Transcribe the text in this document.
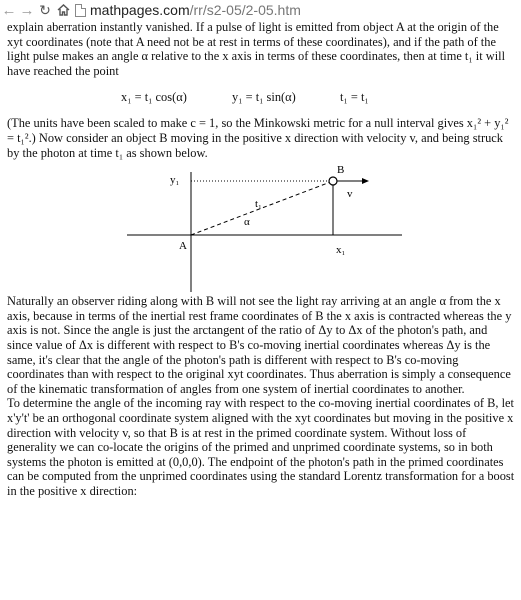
← → ↻	mathpages.com/rr/s2-05/2-05.htm

explain aberration instantly vanished. If a pulse of light is emitted from object A at the origin of the xyt coordinates (note that A need not be at rest in terms of these coordinates), and if the path of the light pulse makes an angle α relative to the x axis in terms of these coordinates, then at time t₁ it will have reached the point

x₁ = t₁ cos(α)	y₁ = t₁ sin(α)	t₁ = t₁

(The units have been scaled to make c = 1, so the Minkowski metric for a null interval gives x₁² + y₁² = t₁².) Now consider an object B moving in the positive x direction with velocity v, and being struck by the photon at time t₁ as shown below.

y₁
B
v
t₁
α
A	x₁

Naturally an observer riding along with B will not see the light ray arriving at an angle α from the x axis, because in terms of the inertial rest frame coordinates of B the x axis is contracted whereas the y axis is not. Since the angle is just the arctangent of the ratio of Δy to Δx of the photon's path, and since value of Δx is different with respect to B's co-moving inertial coordinates whereas Δy is the same, it's clear that the angle of the photon's path is different with respect to B's co-moving coordinates than with respect to the original xyt coordinates. Thus aberration is simply a consequence of the kinematic transformation of angles from one system of inertial coordinates to another.

To determine the angle of the incoming ray with respect to the co-moving inertial coordinates of B, let x'y't' be an orthogonal coordinate system aligned with the xyt coordinates but moving in the positive x direction with velocity v, so that B is at rest in the primed coordinate system. Without loss of generality we can co-locate the origins of the primed and unprimed coordinate systems, so in both systems the photon is emitted at (0,0,0). The endpoint of the photon's path in the primed coordinates can be computed from the unprimed coordinates using the standard Lorentz transformation for a boost in the positive x direction:
